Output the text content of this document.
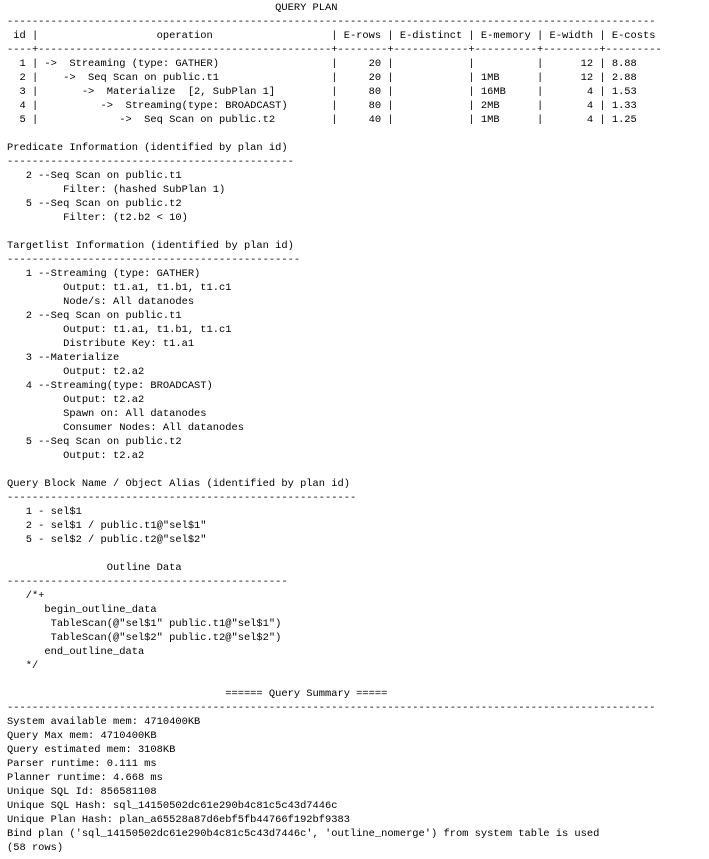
QUERY PLAN
--------------------------------------------------------------------------------------------------------
id |                   operation                   | E-rows | E-distinct | E-memory | E-width | E-costs
----+-----------------------------------------------+--------+------------+----------+---------+---------
1 | ->  Streaming (type: GATHER)                  |     20 |            |          |      12 | 8.88
2 |    ->  Seq Scan on public.t1                  |     20 |            | 1MB      |      12 | 2.88
3 |       ->  Materialize  [2, SubPlan 1]         |     80 |            | 16MB     |       4 | 1.53
4 |          ->  Streaming(type: BROADCAST)       |     80 |            | 2MB      |       4 | 1.33
5 |             ->  Seq Scan on public.t2         |     40 |            | 1MB      |       4 | 1.25
Predicate Information (identified by plan id)
----------------------------------------------
2 --Seq Scan on public.t1
Filter: (hashed SubPlan 1)
5 --Seq Scan on public.t2
Filter: (t2.b2 < 10)
Targetlist Information (identified by plan id)
-----------------------------------------------
1 --Streaming (type: GATHER)
Output: t1.a1, t1.b1, t1.c1
Node/s: All datanodes
2 --Seq Scan on public.t1
Output: t1.a1, t1.b1, t1.c1
Distribute Key: t1.a1
3 --Materialize
Output: t2.a2
4 --Streaming(type: BROADCAST)
Output: t2.a2
Spawn on: All datanodes
Consumer Nodes: All datanodes
5 --Seq Scan on public.t2
Output: t2.a2
Query Block Name / Object Alias (identified by plan id)
--------------------------------------------------------
1 - sel$1
2 - sel$1 / public.t1@"sel$1"
5 - sel$2 / public.t2@"sel$2"
Outline Data
---------------------------------------------
/*+
begin_outline_data
TableScan(@"sel$1" public.t1@"sel$1")
TableScan(@"sel$2" public.t2@"sel$2")
end_outline_data
*/
====== Query Summary =====
--------------------------------------------------------------------------------------------------------
System available mem: 4710400KB
Query Max mem: 4710400KB
Query estimated mem: 3108KB
Parser runtime: 0.111 ms
Planner runtime: 4.668 ms
Unique SQL Id: 856581108
Unique SQL Hash: sql_14150502dc61e290b4c81c5c43d7446c
Unique Plan Hash: plan_a65528a87d6ebf5fb44766f192bf9383
Bind plan ('sql_14150502dc61e290b4c81c5c43d7446c', 'outline_nomerge') from system table is used
(58 rows)
